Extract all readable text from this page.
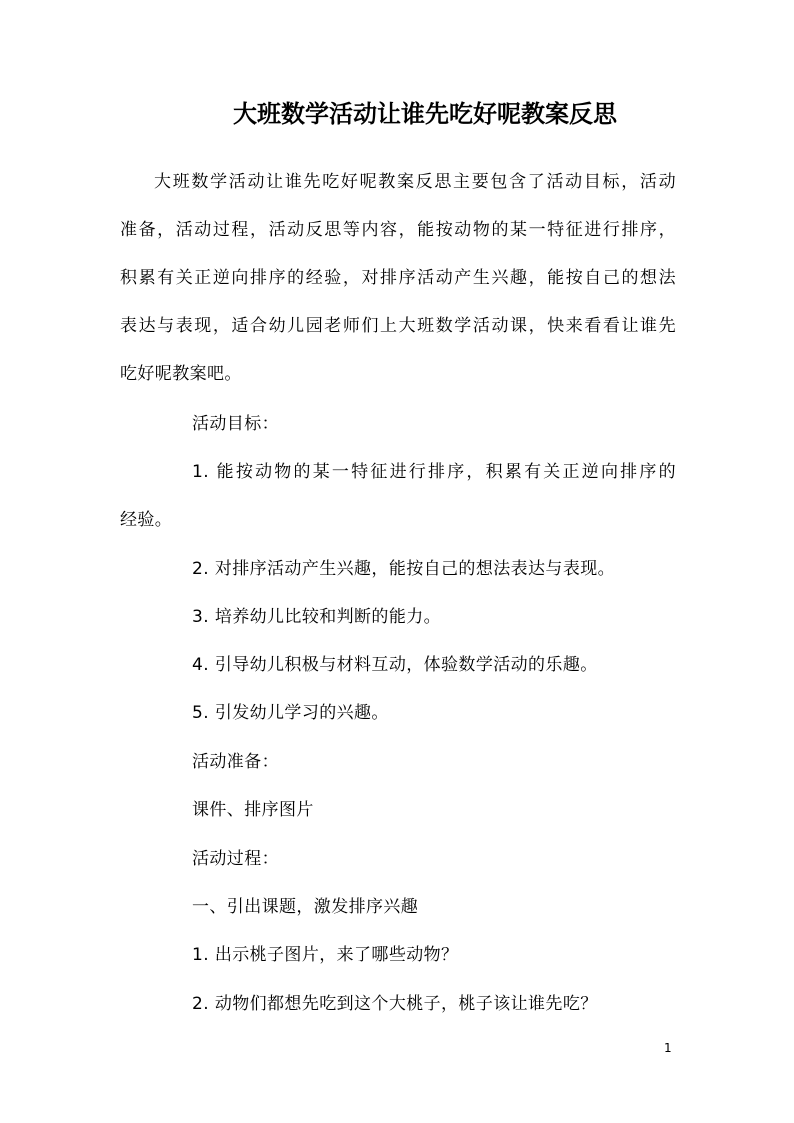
大班数学活动让谁先吃好呢教案反思
大班数学活动让谁先吃好呢教案反思主要包含了活动目标，活动
准备，活动过程，活动反思等内容，能按动物的某一特征进行排序，
积累有关正逆向排序的经验，对排序活动产生兴趣，能按自己的想法
表达与表现，适合幼儿园老师们上大班数学活动课，快来看看让谁先
吃好呢教案吧。
活动目标：
1. 能按动物的某一特征进行排序，积累有关正逆向排序的
经验。
2. 对排序活动产生兴趣，能按自己的想法表达与表现。
3. 培养幼儿比较和判断的能力。
4. 引导幼儿积极与材料互动，体验数学活动的乐趣。
5. 引发幼儿学习的兴趣。
活动准备：
课件、排序图片
活动过程：
一、引出课题，激发排序兴趣
1. 出示桃子图片，来了哪些动物？
2. 动物们都想先吃到这个大桃子，桃子该让谁先吃？
1
